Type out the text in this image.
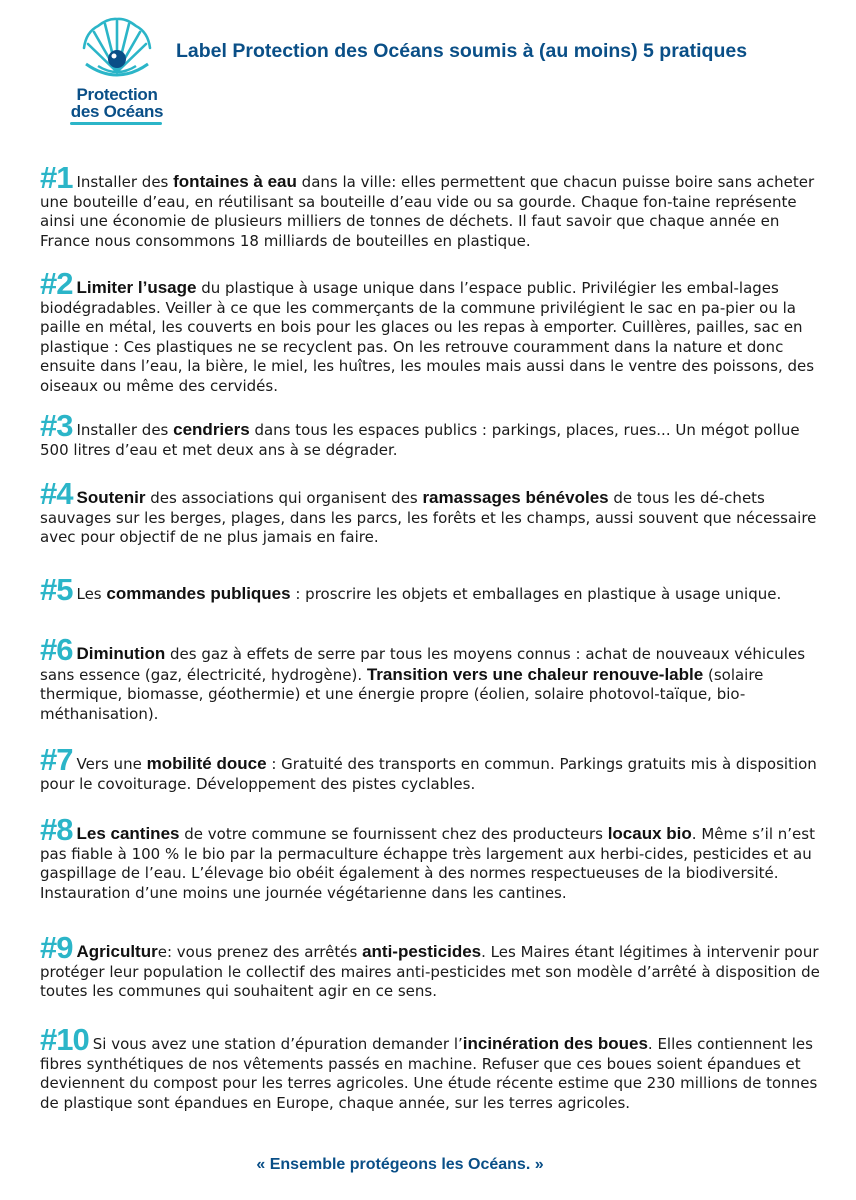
Protection
des Océans
Label Protection des Océans soumis à (au moins) 5 pratiques

#1 Installer des fontaines à eau dans la ville: elles permettent que chacun puisse boire sans acheter une bouteille d’eau, en réutilisant sa bouteille d’eau vide ou sa gourde. Chaque fon-taine représente ainsi une économie de plusieurs milliers de tonnes de déchets. Il faut savoir que chaque année en France nous consommons 18 milliards de bouteilles en plastique.

#2 Limiter l’usage du plastique à usage unique dans l’espace public. Privilégier les embal-lages biodégradables. Veiller à ce que les commerçants de la commune privilégient le sac en pa-pier ou la paille en métal, les couverts en bois pour les glaces ou les repas à emporter. Cuillères, pailles, sac en plastique : Ces plastiques ne se recyclent pas. On les retrouve couramment dans la nature et donc ensuite dans l’eau, la bière, le miel, les huîtres, les moules mais aussi dans le ventre des poissons, des oiseaux ou même des cervidés.

#3 Installer des cendriers dans tous les espaces publics : parkings, places, rues... Un mégot pollue 500 litres d’eau et met deux ans à se dégrader.

#4 Soutenir des associations qui organisent des ramassages bénévoles de tous les dé-chets sauvages sur les berges, plages, dans les parcs, les forêts et les champs, aussi souvent que nécessaire avec pour objectif de ne plus jamais en faire.

#5 Les commandes publiques : proscrire les objets et emballages en plastique à usage unique.

#6 Diminution des gaz à effets de serre par tous les moyens connus : achat de nouveaux véhicules sans essence (gaz, électricité, hydrogène). Transition vers une chaleur renouve-lable (solaire thermique, biomasse, géothermie) et une énergie propre (éolien, solaire photovol-taïque, bio- méthanisation).

#7 Vers une mobilité douce : Gratuité des transports en commun. Parkings gratuits mis à disposition pour le covoiturage. Développement des pistes cyclables.

#8 Les cantines de votre commune se fournissent chez des producteurs locaux bio. Même s’il n’est pas fiable à 100 % le bio par la permaculture échappe très largement aux herbi-cides, pesticides et au gaspillage de l’eau. L’élevage bio obéit également à des normes respectueuses de la biodiversité. Instauration d’une moins une journée végétarienne dans les cantines.

#9 Agriculture: vous prenez des arrêtés anti-pesticides. Les Maires étant légitimes à intervenir pour protéger leur population le collectif des maires anti-pesticides met son modèle d’arrêté à disposition de toutes les communes qui souhaitent agir en ce sens.

#10 Si vous avez une station d’épuration demander l’incinération des boues. Elles contiennent les fibres synthétiques de nos vêtements passés en machine. Refuser que ces boues soient épandues et deviennent du compost pour les terres agricoles. Une étude récente estime que 230 millions de tonnes de plastique sont épandues en Europe, chaque année, sur les terres agricoles.

« Ensemble protégeons les Océans. »
